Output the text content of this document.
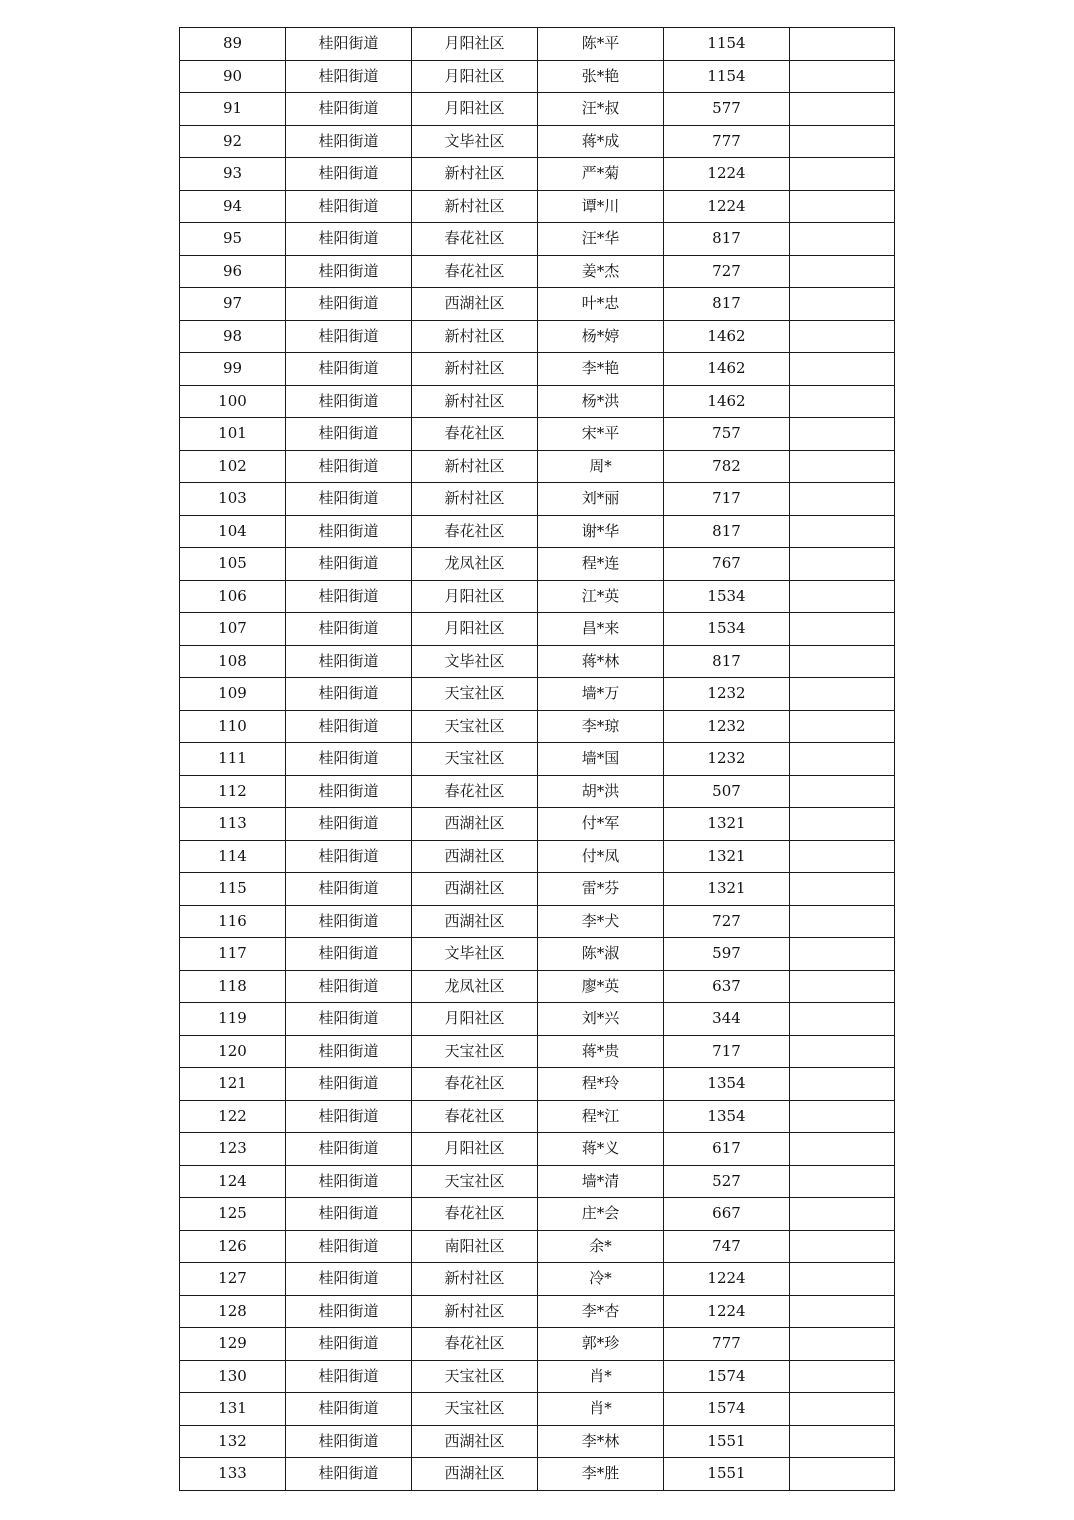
89	桂阳街道	月阳社区	陈*平	1154	
90	桂阳街道	月阳社区	张*艳	1154	
91	桂阳街道	月阳社区	汪*叔	577	
92	桂阳街道	文毕社区	蒋*成	777	
93	桂阳街道	新村社区	严*菊	1224	
94	桂阳街道	新村社区	谭*川	1224	
95	桂阳街道	春花社区	汪*华	817	
96	桂阳街道	春花社区	姜*杰	727	
97	桂阳街道	西湖社区	叶*忠	817	
98	桂阳街道	新村社区	杨*婷	1462	
99	桂阳街道	新村社区	李*艳	1462	
100	桂阳街道	新村社区	杨*洪	1462	
101	桂阳街道	春花社区	宋*平	757	
102	桂阳街道	新村社区	周*	782	
103	桂阳街道	新村社区	刘*丽	717	
104	桂阳街道	春花社区	谢*华	817	
105	桂阳街道	龙凤社区	程*连	767	
106	桂阳街道	月阳社区	江*英	1534	
107	桂阳街道	月阳社区	昌*来	1534	
108	桂阳街道	文毕社区	蒋*林	817	
109	桂阳街道	天宝社区	墙*万	1232	
110	桂阳街道	天宝社区	李*琼	1232	
111	桂阳街道	天宝社区	墙*国	1232	
112	桂阳街道	春花社区	胡*洪	507	
113	桂阳街道	西湖社区	付*军	1321	
114	桂阳街道	西湖社区	付*凤	1321	
115	桂阳街道	西湖社区	雷*芬	1321	
116	桂阳街道	西湖社区	李*犬	727	
117	桂阳街道	文毕社区	陈*淑	597	
118	桂阳街道	龙凤社区	廖*英	637	
119	桂阳街道	月阳社区	刘*兴	344	
120	桂阳街道	天宝社区	蒋*贵	717	
121	桂阳街道	春花社区	程*玲	1354	
122	桂阳街道	春花社区	程*江	1354	
123	桂阳街道	月阳社区	蒋*义	617	
124	桂阳街道	天宝社区	墙*清	527	
125	桂阳街道	春花社区	庄*会	667	
126	桂阳街道	南阳社区	余*	747	
127	桂阳街道	新村社区	冷*	1224	
128	桂阳街道	新村社区	李*杏	1224	
129	桂阳街道	春花社区	郭*珍	777	
130	桂阳街道	天宝社区	肖*	1574	
131	桂阳街道	天宝社区	肖*	1574	
132	桂阳街道	西湖社区	李*林	1551	
133	桂阳街道	西湖社区	李*胜	1551	
